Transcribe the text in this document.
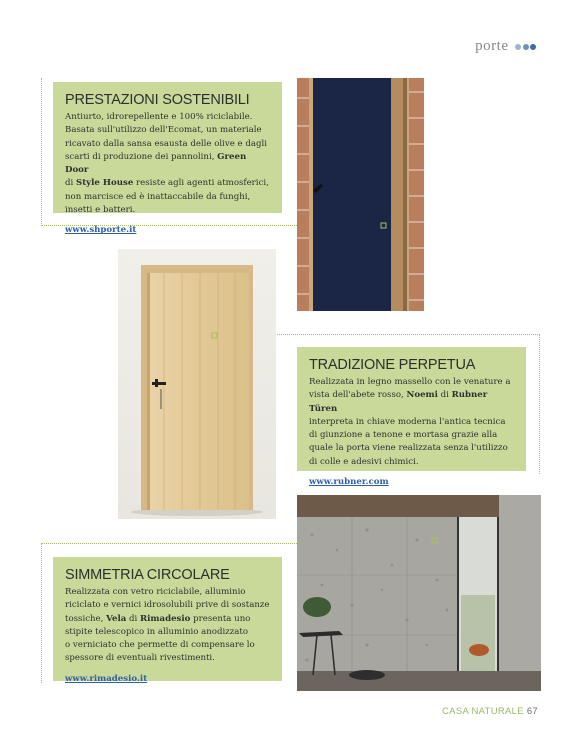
porte
PRESTAZIONI SOSTENIBILI

Antiurto, idrorepellente e 100% riciclabile.
Basata sull'utilizzo dell'Ecomat, un materiale
ricavato dalla sansa esausta delle olive e dagli
scarti di produzione dei pannolini, Green Door
di Style House resiste agli agenti atmosferici,
non marcisce ed è inattaccabile da funghi,
insetti e batteri.

www.shporte.it
TRADIZIONE PERPETUA

Realizzata in legno massello con le venature a
vista dell'abete rosso, Noemi di Rubner Türen
interpreta in chiave moderna l'antica tecnica
di giunzione a tenone e mortasa grazie alla
quale la porta viene realizzata senza l'utilizzo
di colle e adesivi chimici.

www.rubner.com
SIMMETRIA CIRCOLARE

Realizzata con vetro riciclabile, alluminio
riciclato e vernici idrosolubili prive di sostanze
tossiche, Vela di Rimadesio presenta uno
stipite telescopico in alluminio anodizzato
o verniciato che permette di compensare lo
spessore di eventuali rivestimenti.

www.rimadesio.it
CASA NATURALE 67
